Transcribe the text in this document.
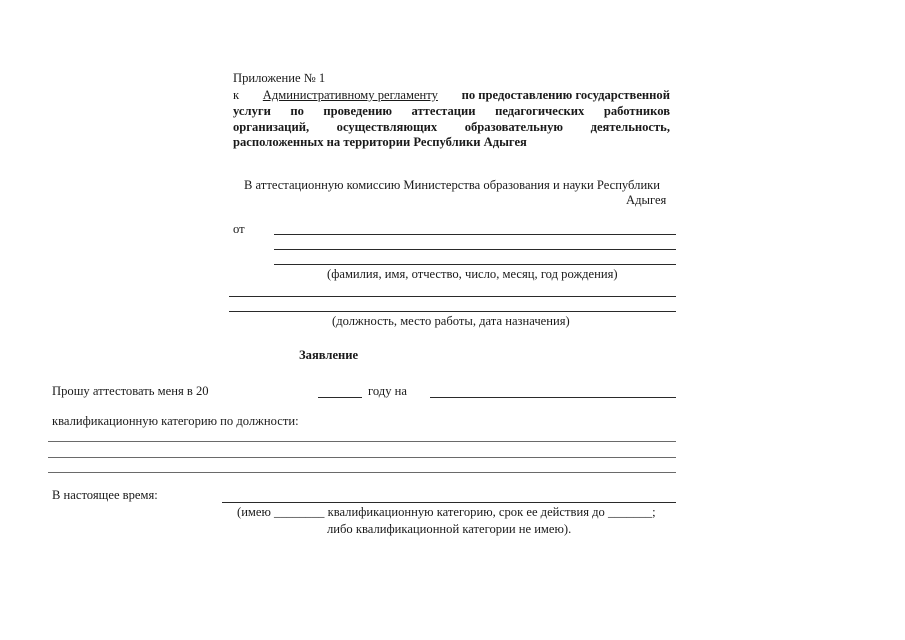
Приложение № 1
к Административному регламенту по предоставлению государственной
услуги по проведению аттестации педагогических работников
организаций, осуществляющих образовательную деятельность,
расположенных на территории Республики Адыгея
В аттестационную комиссию Министерства образования и науки Республики
Адыгея
от
(фамилия, имя, отчество, число, месяц, год рождения)
(должность, место работы, дата назначения)
Заявление
Прошу аттестовать меня в 20	году на
квалификационную категорию по должности:
В настоящее время:
(имею ________ квалификационную категорию, срок ее действия до _______;
либо квалификационной категории не имею).
